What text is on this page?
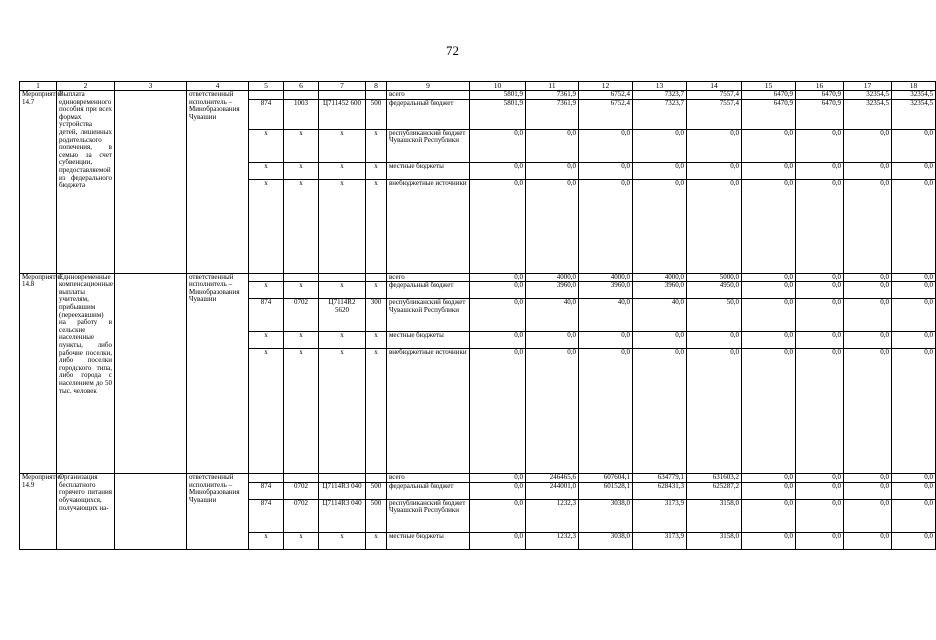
72
1	2	3	4	5	6	7	8	9	10	11	12	13	14	15	16	17	18
Мероприятие 14.7	Выплата единовременного пособия при всех формах устройства детей, лишенных родительского попечения, в семью за счет субвенции, предоставляемой из федерального бюджета		ответственный исполнитель – Минобразования Чувашии					всего	5801,9	7361,9	6752,4	7323,7	7557,4	6470,9	6470,9	32354,5	32354,5
				874	1003	Ц711452 600	500	федеральный бюджет	5801,9	7361,9	6752,4	7323,7	7557,4	6470,9	6470,9	32354,5	32354,5
				х	х	х	х	республиканский бюджет Чувашской Республики	0,0	0,0	0,0	0,0	0,0	0,0	0,0	0,0	0,0
				х	х	х	х	местные бюджеты	0,0	0,0	0,0	0,0	0,0	0,0	0,0	0,0	0,0
				х	х	х	х	внебюджетные источники	0,0	0,0	0,0	0,0	0,0	0,0	0,0	0,0	0,0
Мероприятие 14.8	Единовременные компенсационные выплаты учителям, прибывшим (переехавшим) на работу в сельские населенные пункты, либо рабочие поселки, либо поселки городского типа, либо города с населением до 50 тыс. человек		ответственный исполнитель – Минобразования Чувашии					всего	0,0	4000,0	4000,0	4000,0	5000,0	0,0	0,0	0,0	0,0
				х	х	х	х	федеральный бюджет	0,0	3960,0	3960,0	3960,0	4950,0	0,0	0,0	0,0	0,0
				874	0702	Ц7114R2 5620	300	республиканский бюджет Чувашской Республики	0,0	40,0	40,0	40,0	50,0	0,0	0,0	0,0	0,0
				х	х	х	х	местные бюджеты	0,0	0,0	0,0	0,0	0,0	0,0	0,0	0,0	0,0
				х	х	х	х	внебюджетные источники	0,0	0,0	0,0	0,0	0,0	0,0	0,0	0,0	0,0
Мероприятие 14.9	Организация бесплатного горячего питания обучающихся, получающих на-		ответственный исполнитель – Минобразования Чувашии					всего	0,0	246465,6	607604,1	634779,1	631603,2	0,0	0,0	0,0	0,0
				874	0702	Ц7114R3 040	500	федеральный бюджет	0,0	244001,0	601528,1	628431,3	625287,2	0,0	0,0	0,0	0,0
				874	0702	Ц7114R3 040	500	республиканский бюджет Чувашской Республики	0,0	1232,3	3038,0	3173,9	3158,0	0,0	0,0	0,0	0,0
				х	х	х	х	местные бюджеты	0,0	1232,3	3038,0	3173,9	3158,0	0,0	0,0	0,0	0,0
